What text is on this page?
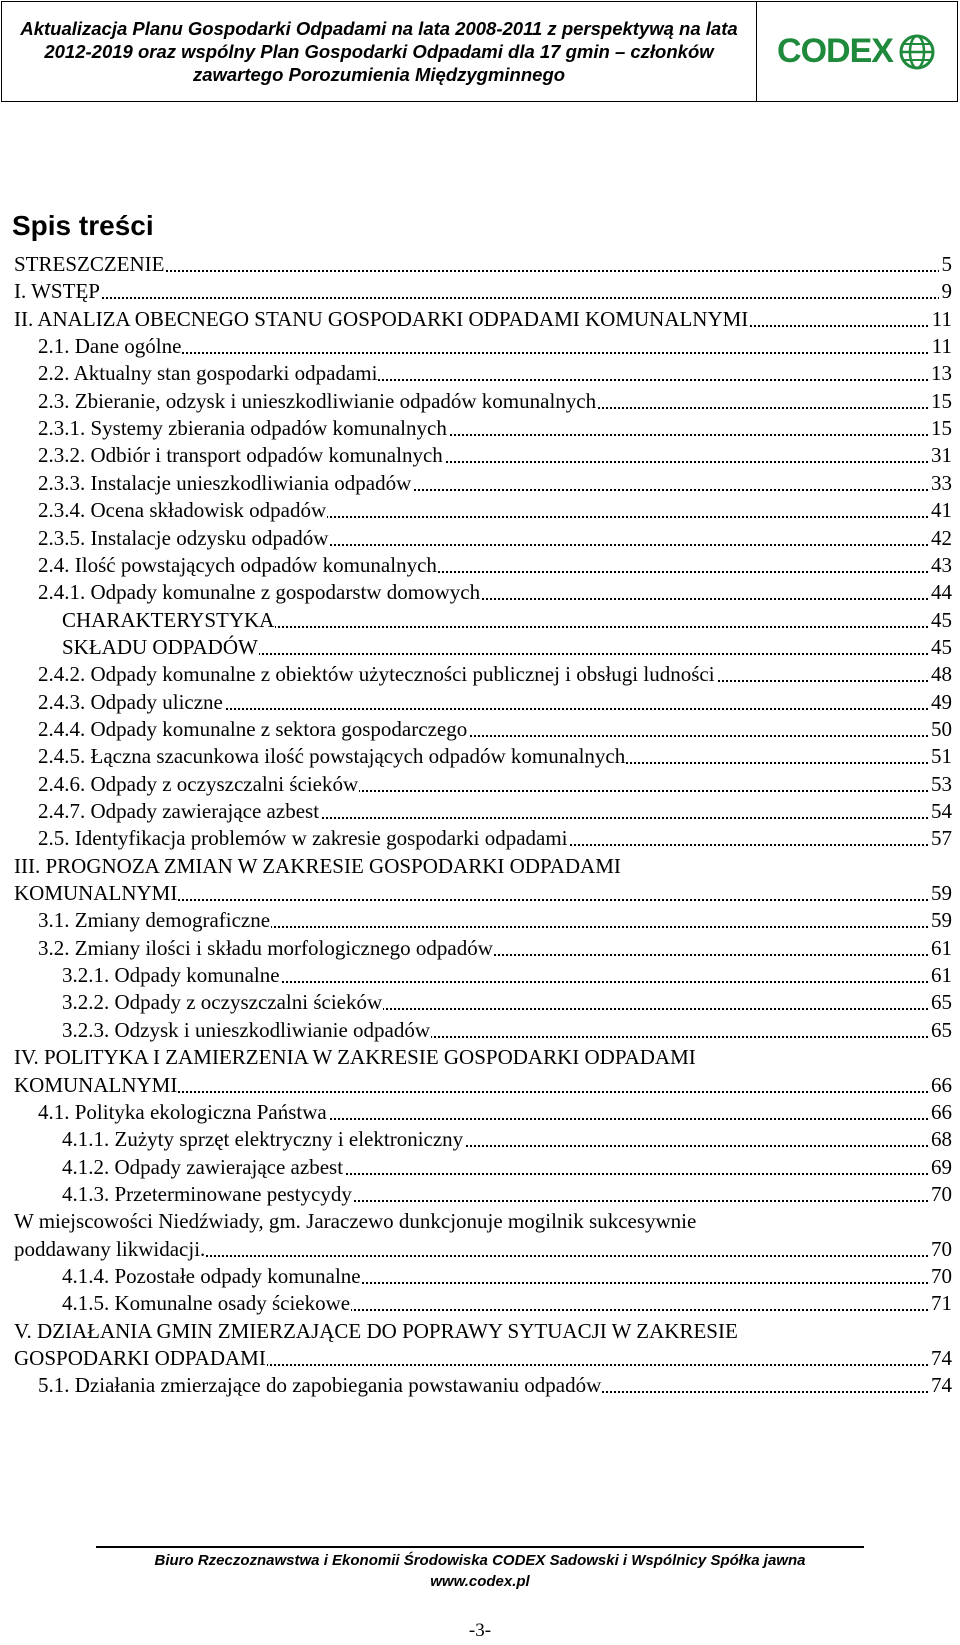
Aktualizacja Planu Gospodarki Odpadami na lata 2008-2011 z perspektywą na lata 2012-2019 oraz wspólny Plan Gospodarki Odpadami dla 17 gmin – członków zawartego Porozumienia Międzygminnego
CODEX
Spis treści
STRESZCZENIE	5
I. WSTĘP	9
II. ANALIZA OBECNEGO STANU GOSPODARKI ODPADAMI KOMUNALNYMI	11
2.1. Dane ogólne	11
2.2. Aktualny stan gospodarki odpadami	13
2.3. Zbieranie, odzysk i unieszkodliwianie odpadów komunalnych	15
2.3.1. Systemy zbierania odpadów komunalnych	15
2.3.2. Odbiór i transport odpadów komunalnych	31
2.3.3. Instalacje unieszkodliwiania odpadów	33
2.3.4. Ocena składowisk odpadów	41
2.3.5. Instalacje odzysku odpadów	42
2.4. Ilość powstających odpadów komunalnych	43
2.4.1. Odpady komunalne z gospodarstw domowych	44
CHARAKTERYSTYKA	45
SKŁADU ODPADÓW	45
2.4.2. Odpady komunalne z obiektów użyteczności publicznej i obsługi ludności	48
2.4.3. Odpady uliczne	49
2.4.4. Odpady komunalne z sektora gospodarczego	50
2.4.5. Łączna szacunkowa ilość powstających odpadów komunalnych	51
2.4.6. Odpady z oczyszczalni ścieków	53
2.4.7. Odpady zawierające azbest	54
2.5. Identyfikacja problemów w zakresie gospodarki odpadami	57
III. PROGNOZA ZMIAN W ZAKRESIE GOSPODARKI ODPADAMI
KOMUNALNYMI	59
3.1. Zmiany demograficzne	59
3.2. Zmiany ilości i składu morfologicznego odpadów	61
3.2.1. Odpady komunalne	61
3.2.2. Odpady z oczyszczalni ścieków	65
3.2.3. Odzysk i unieszkodliwianie odpadów	65
IV. POLITYKA I ZAMIERZENIA W ZAKRESIE GOSPODARKI ODPADAMI
KOMUNALNYMI	66
4.1. Polityka ekologiczna Państwa	66
4.1.1. Zużyty sprzęt elektryczny i elektroniczny	68
4.1.2. Odpady zawierające azbest	69
4.1.3. Przeterminowane pestycydy	70
W miejscowości Niedźwiady, gm. Jaraczewo dunkcjonuje mogilnik sukcesywnie
poddawany likwidacji.	70
4.1.4. Pozostałe odpady komunalne	70
4.1.5. Komunalne osady ściekowe	71
V. DZIAŁANIA GMIN ZMIERZAJĄCE DO POPRAWY SYTUACJI W ZAKRESIE
GOSPODARKI ODPADAMI	74
5.1. Działania zmierzające do zapobiegania powstawaniu odpadów	74
Biuro Rzeczoznawstwa i Ekonomii Środowiska CODEX Sadowski i Wspólnicy Spółka jawna
www.codex.pl
-3-
